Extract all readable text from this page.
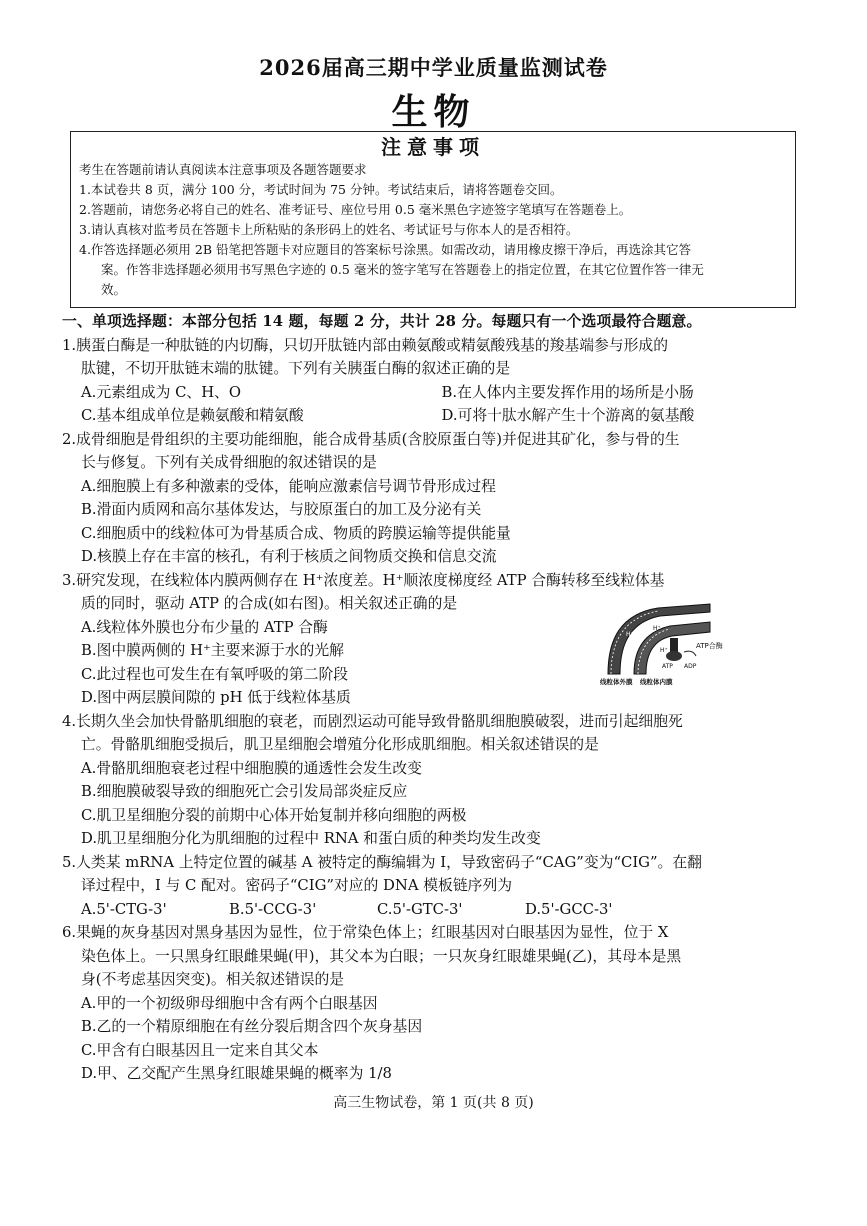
2026届高三期中学业质量监测试卷
生物
注意事项

考生在答题前请认真阅读本注意事项及各题答题要求

1.本试卷共 8 页，满分 100 分，考试时间为 75 分钟。考试结束后，请将答题卷交回。

2.答题前，请您务必将自己的姓名、准考证号、座位号用 0.5 毫米黑色字迹签字笔填写在答题卷上。

3.请认真核对监考员在答题卡上所粘贴的条形码上的姓名、考试证号与你本人的是否相符。

4.作答选择题必须用 2B 铅笔把答题卡对应题目的答案标号涂黑。如需改动，请用橡皮擦干净后，再选涂其它答

案。作答非选择题必须用书写黑色字迹的 0.5 毫米的签字笔写在答题卷上的指定位置，在其它位置作答一律无

效。

一、单项选择题：本部分包括 14 题，每题 2 分，共计 28 分。每题只有一个选项最符合题意。
1.胰蛋白酶是一种肽链的内切酶，只切开肽链内部由赖氨酸或精氨酸残基的羧基端参与形成的
肽键，不切开肽链末端的肽键。下列有关胰蛋白酶的叙述正确的是
A.元素组成为 C、H、O	B.在人体内主要发挥作用的场所是小肠
C.基本组成单位是赖氨酸和精氨酸	D.可将十肽水解产生十个游离的氨基酸
2.成骨细胞是骨组织的主要功能细胞，能合成骨基质(含胶原蛋白等)并促进其矿化，参与骨的生
长与修复。下列有关成骨细胞的叙述错误的是
A.细胞膜上有多种激素的受体，能响应激素信号调节骨形成过程
B.滑面内质网和高尔基体发达，与胶原蛋白的加工及分泌有关
C.细胞质中的线粒体可为骨基质合成、物质的跨膜运输等提供能量
D.核膜上存在丰富的核孔，有利于核质之间物质交换和信息交流
3.研究发现，在线粒体内膜两侧存在 H⁺浓度差。H⁺顺浓度梯度经 ATP 合酶转移至线粒体基
质的同时，驱动 ATP 的合成(如右图)。相关叙述正确的是
A.线粒体外膜也分布少量的 ATP 合酶
B.图中膜两侧的 H⁺主要来源于水的光解
C.此过程也可发生在有氧呼吸的第二阶段
D.图中两层膜间隙的 pH 低于线粒体基质
4.长期久坐会加快骨骼肌细胞的衰老，而剧烈运动可能导致骨骼肌细胞膜破裂，进而引起细胞死
亡。骨骼肌细胞受损后，肌卫星细胞会增殖分化形成肌细胞。相关叙述错误的是
A.骨骼肌细胞衰老过程中细胞膜的通透性会发生改变
B.细胞膜破裂导致的细胞死亡会引发局部炎症反应
C.肌卫星细胞分裂的前期中心体开始复制并移向细胞的两极
D.肌卫星细胞分化为肌细胞的过程中 RNA 和蛋白质的种类均发生改变
5.人类某 mRNA 上特定位置的碱基 A 被特定的酶编辑为 I，导致密码子“CAG”变为“CIG”。在翻
译过程中，I 与 C 配对。密码子“CIG”对应的 DNA 模板链序列为
A.5'-CTG-3'	B.5'-CCG-3'	C.5'-GTC-3'	D.5'-GCC-3'
6.果蝇的灰身基因对黑身基因为显性，位于常染色体上；红眼基因对白眼基因为显性，位于 X
染色体上。一只黑身红眼雌果蝇(甲)，其父本为白眼；一只灰身红眼雄果蝇(乙)，其母本是黑
身(不考虑基因突变)。相关叙述错误的是
A.甲的一个初级卵母细胞中含有两个白眼基因
B.乙的一个精原细胞在有丝分裂后期含四个灰身基因
C.甲含有白眼基因且一定来自其父本
D.甲、乙交配产生黑身红眼雄果蝇的概率为 1/8
H⁺
H⁺
H⁺
ATP合酶
ATP ADP
线粒体外膜 线粒体内膜
高三生物试卷，第 1 页(共 8 页)
